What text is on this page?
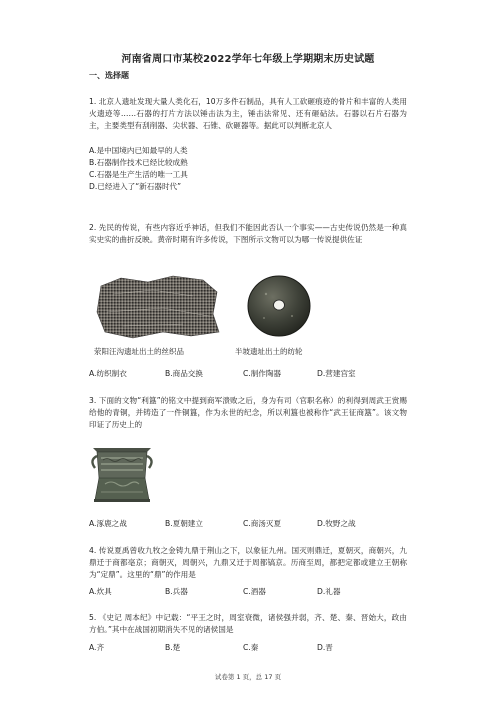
河南省周口市某校2022学年七年级上学期期末历史试题
一、选择题
1. 北京人遗址发现大量人类化石，10万多件石制品，具有人工砍砸痕迹的骨片和丰富的人类用火遗迹等……石器的打片方法以锤击法为主，锤击法常见、还有砸砧法。石器以石片石器为主，主要类型有刮削器、尖状器、石锥、砍砸器等。据此可以判断北京人
A.是中国境内已知最早的人类
B.石器制作技术已经比较成熟
C.石器是生产生活的唯一工具
D.已经进入了“新石器时代”
2. 先民的传说，有些内容近乎神话，但我们不能因此否认一个事实——古史传说仍然是一种真实史实的曲折反映。黄帝时期有许多传说，下图所示文物可以为哪一传说提供佐证
荥阳汪沟遗址出土的丝织品	半坡遗址出土的纺轮
A.纺织制衣	B.商品交换	C.制作陶器	D.营建宫室
3. 下面的文物“利簋”的铭文中提到商军溃败之后，身为有司（官职名称）的利得到周武王赏赐给他的青铜，并铸造了一件铜簋，作为永世的纪念，所以利簋也被称作“武王征商簋”。该文物印证了历史上的
A.涿鹿之战	B.夏朝建立	C.商汤灭夏	D.牧野之战
4. 传说夏禹曾收九牧之金铸九鼎于荆山之下，以象征九州。国灭则鼎迁，夏朝灭，商朝兴，九鼎迁于商都亳京；商朝灭，周朝兴，九鼎又迁于周都镐京。历商至周，都把定都或建立王朝称为“定鼎”。这里的“鼎”的作用是
A.炊具	B.兵器	C.酒器	D.礼器
5. 《史记 周本纪》中记载：“平王之时，周室衰微，诸侯强并弱，齐、楚、秦、晋始大，政由方伯。”其中在战国初期消失不见的诸侯国是
A.齐	B.楚	C.秦	D.晋
试卷第 1 页，总 17 页
